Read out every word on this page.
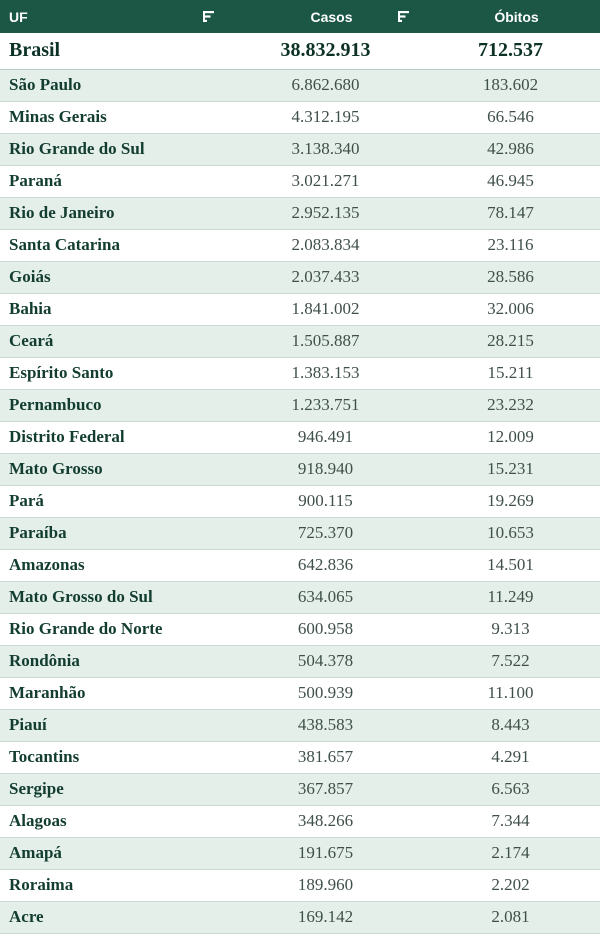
UF	Casos	Óbitos
Brasil	38.832.913	712.537
São Paulo	6.862.680	183.602
Minas Gerais	4.312.195	66.546
Rio Grande do Sul	3.138.340	42.986
Paraná	3.021.271	46.945
Rio de Janeiro	2.952.135	78.147
Santa Catarina	2.083.834	23.116
Goiás	2.037.433	28.586
Bahia	1.841.002	32.006
Ceará	1.505.887	28.215
Espírito Santo	1.383.153	15.211
Pernambuco	1.233.751	23.232
Distrito Federal	946.491	12.009
Mato Grosso	918.940	15.231
Pará	900.115	19.269
Paraíba	725.370	10.653
Amazonas	642.836	14.501
Mato Grosso do Sul	634.065	11.249
Rio Grande do Norte	600.958	9.313
Rondônia	504.378	7.522
Maranhão	500.939	11.100
Piauí	438.583	8.443
Tocantins	381.657	4.291
Sergipe	367.857	6.563
Alagoas	348.266	7.344
Amapá	191.675	2.174
Roraima	189.960	2.202
Acre	169.142	2.081
